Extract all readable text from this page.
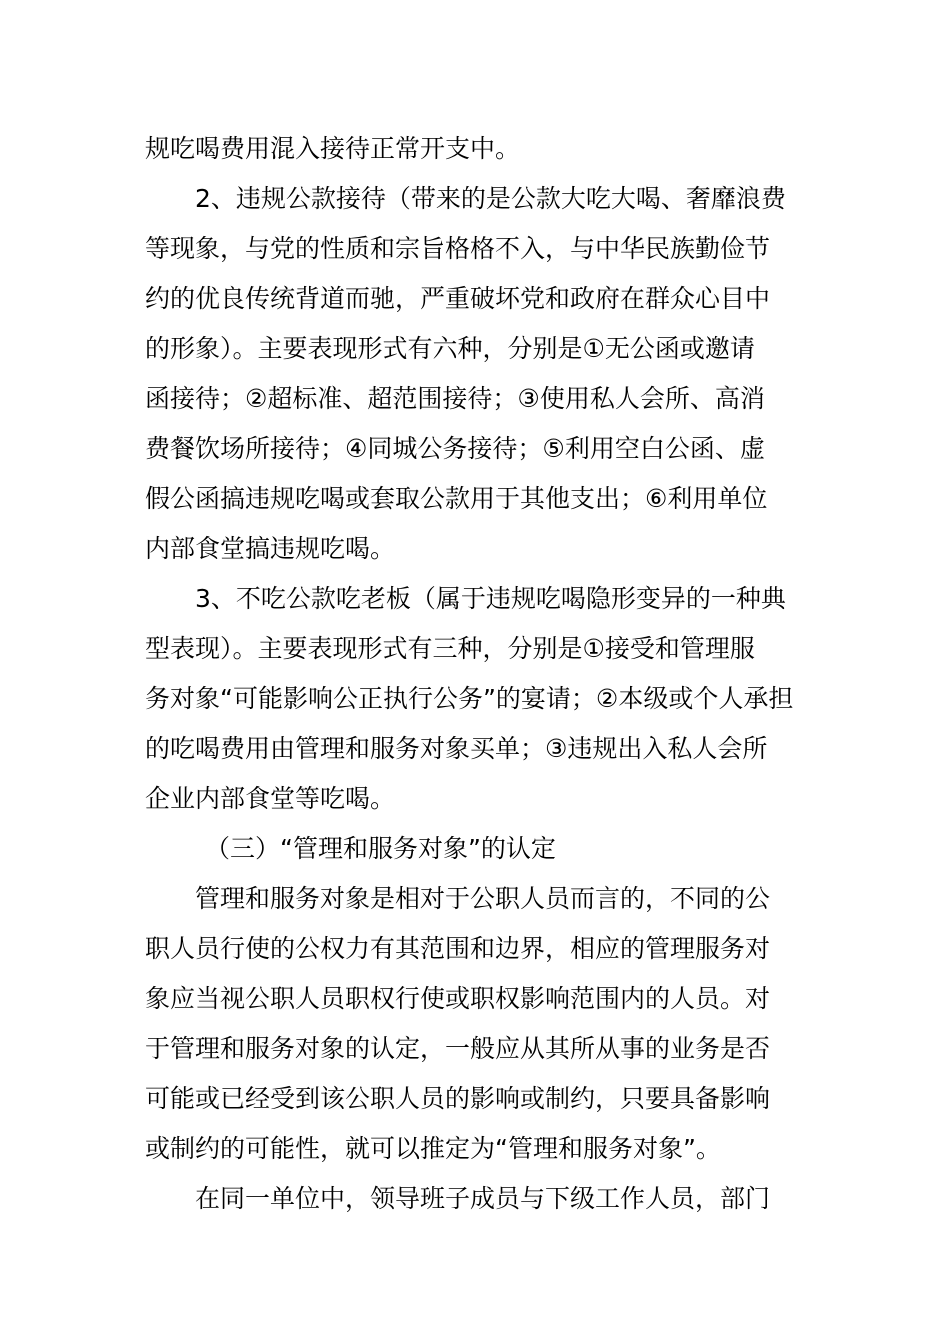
规吃喝费用混入接待正常开支中。
2、违规公款接待（带来的是公款大吃大喝、奢靡浪费
等现象，与党的性质和宗旨格格不入，与中华民族勤俭节
约的优良传统背道而驰，严重破坏党和政府在群众心目中
的形象）。主要表现形式有六种，分别是①无公函或邀请
函接待；②超标准、超范围接待；③使用私人会所、高消
费餐饮场所接待；④同城公务接待；⑤利用空白公函、虚
假公函搞违规吃喝或套取公款用于其他支出；⑥利用单位
内部食堂搞违规吃喝。
3、不吃公款吃老板（属于违规吃喝隐形变异的一种典
型表现）。主要表现形式有三种，分别是①接受和管理服
务对象“可能影响公正执行公务”的宴请；②本级或个人承担
的吃喝费用由管理和服务对象买单；③违规出入私人会所
企业内部食堂等吃喝。
（三）“管理和服务对象”的认定
管理和服务对象是相对于公职人员而言的，不同的公
职人员行使的公权力有其范围和边界，相应的管理服务对
象应当视公职人员职权行使或职权影响范围内的人员。对
于管理和服务对象的认定，一般应从其所从事的业务是否
可能或已经受到该公职人员的影响或制约，只要具备影响
或制约的可能性，就可以推定为“管理和服务对象”。
在同一单位中，领导班子成员与下级工作人员，部门
